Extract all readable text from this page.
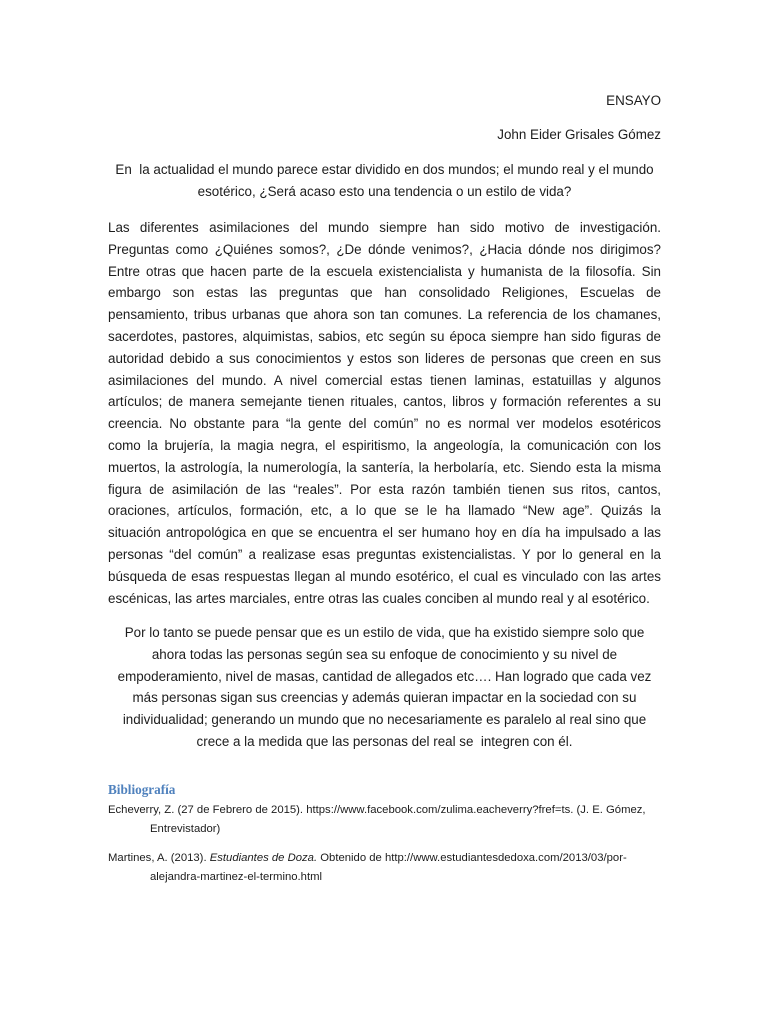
ENSAYO
John Eider Grisales Gómez
En  la actualidad el mundo parece estar dividido en dos mundos; el mundo real y el mundo
esotérico, ¿Será acaso esto una tendencia o un estilo de vida?
Las diferentes asimilaciones del mundo siempre han sido motivo de investigación.
Preguntas como ¿Quiénes somos?, ¿De dónde venimos?, ¿Hacia dónde nos dirigimos?
Entre otras que hacen parte de la escuela existencialista y humanista de la filosofía. Sin
embargo son estas las preguntas que han consolidado Religiones, Escuelas de
pensamiento, tribus urbanas que ahora son tan comunes. La referencia de los chamanes,
sacerdotes, pastores, alquimistas, sabios, etc según su época siempre han sido figuras de
autoridad debido a sus conocimientos y estos son lideres de personas que creen en sus
asimilaciones del mundo. A nivel comercial estas tienen laminas, estatuillas y algunos
artículos; de manera semejante tienen rituales, cantos, libros y formación referentes a su
creencia. No obstante para “la gente del común” no es normal ver modelos esotéricos
como la brujería, la magia negra, el espiritismo, la angeología, la comunicación con los
muertos, la astrología, la numerología, la santería, la herbolaría, etc. Siendo esta la misma
figura de asimilación de las “reales”. Por esta razón también tienen sus ritos, cantos,
oraciones, artículos, formación, etc, a lo que se le ha llamado “New age”. Quizás la
situación antropológica en que se encuentra el ser humano hoy en día ha impulsado a las
personas “del común” a realizase esas preguntas existencialistas. Y por lo general en la
búsqueda de esas respuestas llegan al mundo esotérico, el cual es vinculado con las artes
escénicas, las artes marciales, entre otras las cuales conciben al mundo real y al esotérico.
Por lo tanto se puede pensar que es un estilo de vida, que ha existido siempre solo que
ahora todas las personas según sea su enfoque de conocimiento y su nivel de
empoderamiento, nivel de masas, cantidad de allegados etc…. Han logrado que cada vez
más personas sigan sus creencias y además quieran impactar en la sociedad con su
individualidad; generando un mundo que no necesariamente es paralelo al real sino que
crece a la medida que las personas del real se  integren con él.
Bibliografía
Echeverry, Z. (27 de Febrero de 2015). https://www.facebook.com/zulima.eacheverry?fref=ts. (J. E. Gómez,
Entrevistador)
Martines, A. (2013). Estudiantes de Doza. Obtenido de http://www.estudiantesdedoxa.com/2013/03/por-
alejandra-martinez-el-termino.html
